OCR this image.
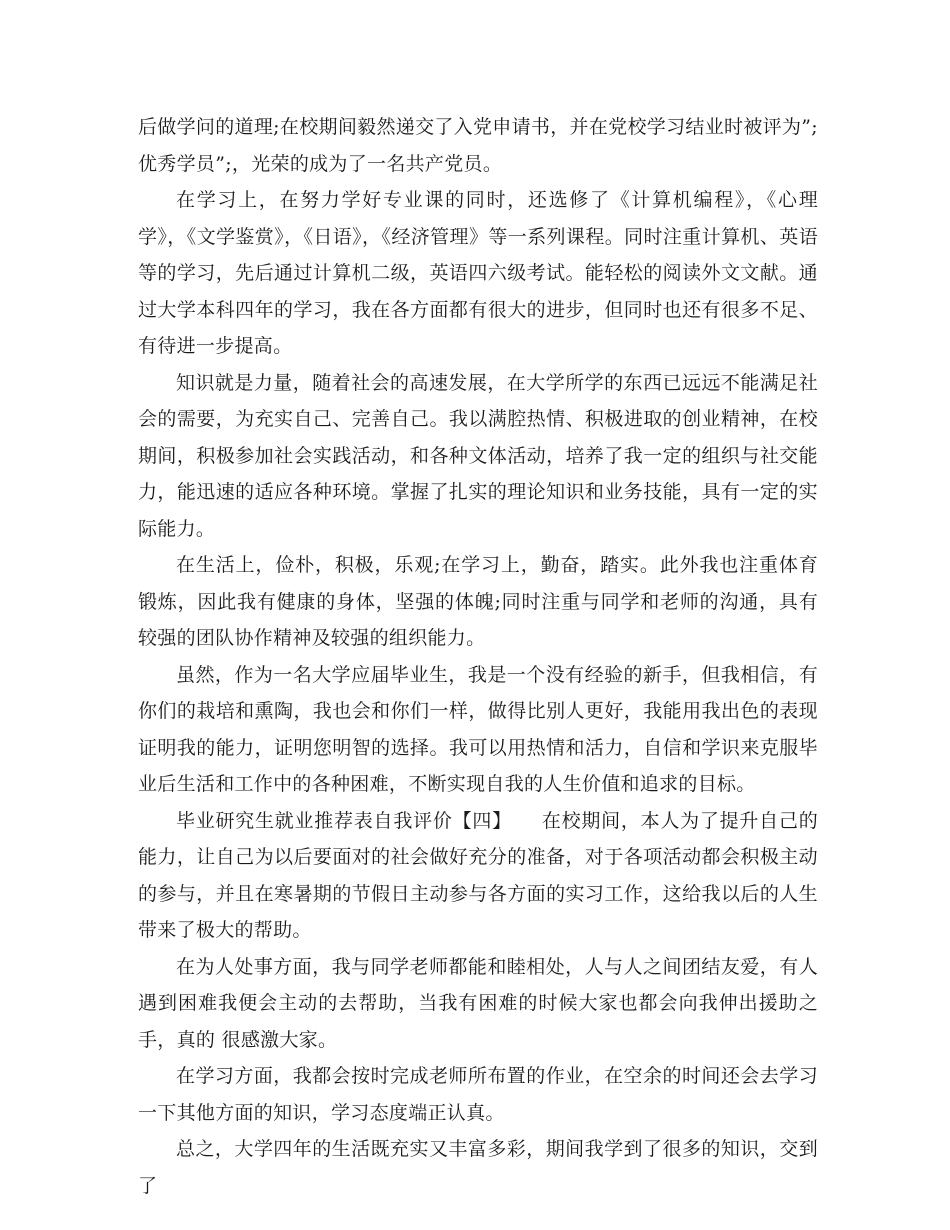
后做学问的道理;在校期间毅然递交了入党申请书，并在党校学习结业时被评为”;优秀学员”;，光荣的成为了一名共产党员。

在学习上，在努力学好专业课的同时，还选修了《计算机编程》，《心理学》，《文学鉴赏》，《日语》，《经济管理》等一系列课程。同时注重计算机、英语等的学习，先后通过计算机二级，英语四六级考试。能轻松的阅读外文文献。通过大学本科四年的学习，我在各方面都有很大的进步，但同时也还有很多不足、有待进一步提高。

知识就是力量，随着社会的高速发展，在大学所学的东西已远远不能满足社会的需要，为充实自己、完善自己。我以满腔热情、积极进取的创业精神，在校期间，积极参加社会实践活动，和各种文体活动，培养了我一定的组织与社交能力，能迅速的适应各种环境。掌握了扎实的理论知识和业务技能，具有一定的实际能力。

在生活上，俭朴，积极，乐观;在学习上，勤奋，踏实。此外我也注重体育锻炼，因此我有健康的身体，坚强的体魄;同时注重与同学和老师的沟通，具有较强的团队协作精神及较强的组织能力。

虽然，作为一名大学应届毕业生，我是一个没有经验的新手，但我相信，有你们的栽培和熏陶，我也会和你们一样，做得比别人更好，我能用我出色的表现证明我的能力，证明您明智的选择。我可以用热情和活力，自信和学识来克服毕业后生活和工作中的各种困难，不断实现自我的人生价值和追求的目标。

毕业研究生就业推荐表自我评价【四】　　在校期间，本人为了提升自己的能力，让自己为以后要面对的社会做好充分的准备，对于各项活动都会积极主动的参与，并且在寒暑期的节假日主动参与各方面的实习工作，这给我以后的人生带来了极大的帮助。

在为人处事方面，我与同学老师都能和睦相处，人与人之间团结友爱，有人遇到困难我便会主动的去帮助，当我有困难的时候大家也都会向我伸出援助之手，真的 很感激大家。

在学习方面，我都会按时完成老师所布置的作业，在空余的时间还会去学习一下其他方面的知识，学习态度端正认真。

总之，大学四年的生活既充实又丰富多彩，期间我学到了很多的知识，交到了
